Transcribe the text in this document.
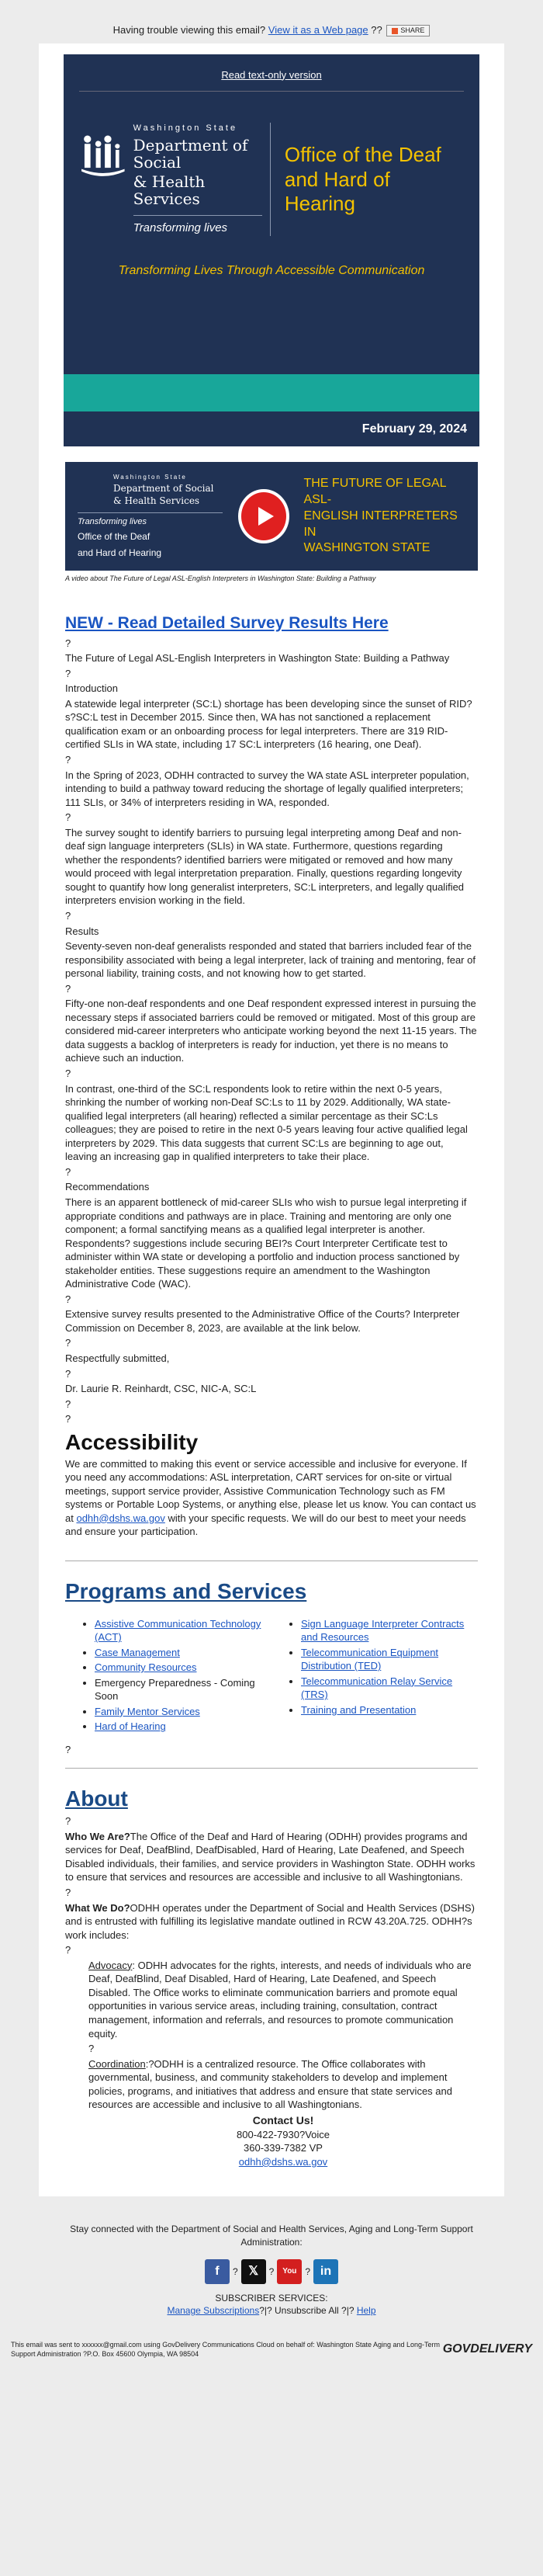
Having trouble viewing this email? View it as a Web page ??	SHARE
Read text-only version
Washington State
Department of Social
& Health Services
Transforming lives
Office of the Deaf
and Hard of Hearing
Transforming Lives Through Accessible Communication
February 29, 2024
Washington State
Department of Social
& Health Services
Transforming lives
Office of the Deaf
and Hard of Hearing
THE FUTURE OF LEGAL ASL-
ENGLISH INTERPRETERS IN
WASHINGTON STATE
A video about The Future of Legal ASL-English Interpreters in Washington State: Building a Pathway
NEW - Read Detailed Survey Results Here

?

The Future of Legal ASL-English Interpreters in Washington State: Building a Pathway

?

Introduction

A statewide legal interpreter (SC:L) shortage has been developing since the sunset of RID?s?SC:L test in December 2015. Since then, WA has not sanctioned a replacement qualification exam or an onboarding process for legal interpreters. There are 319 RID-certified SLIs in WA state, including 17 SC:L interpreters (16 hearing, one Deaf).

?

In the Spring of 2023, ODHH contracted to survey the WA state ASL interpreter population, intending to build a pathway toward reducing the shortage of legally qualified interpreters; 111 SLIs, or 34% of interpreters residing in WA, responded.

?

The survey sought to identify barriers to pursuing legal interpreting among Deaf and non-deaf sign language interpreters (SLIs) in WA state. Furthermore, questions regarding whether the respondents? identified barriers were mitigated or removed and how many would proceed with legal interpretation preparation. Finally, questions regarding longevity sought to quantify how long generalist interpreters, SC:L interpreters, and legally qualified interpreters envision working in the field.

?

Results

Seventy-seven non-deaf generalists responded and stated that barriers included fear of the responsibility associated with being a legal interpreter, lack of training and mentoring, fear of personal liability, training costs, and not knowing how to get started.

?

Fifty-one non-deaf respondents and one Deaf respondent expressed interest in pursuing the necessary steps if associated barriers could be removed or mitigated. Most of this group are considered mid-career interpreters who anticipate working beyond the next 11-15 years. The data suggests a backlog of interpreters is ready for induction, yet there is no means to achieve such an induction.

?

In contrast, one-third of the SC:L respondents look to retire within the next 0-5 years, shrinking the number of working non-Deaf SC:Ls to 11 by 2029. Additionally, WA state-qualified legal interpreters (all hearing) reflected a similar percentage as their SC:Ls colleagues; they are poised to retire in the next 0-5 years leaving four active qualified legal interpreters by 2029. This data suggests that current SC:Ls are beginning to age out, leaving an increasing gap in qualified interpreters to take their place.

?

Recommendations

There is an apparent bottleneck of mid-career SLIs who wish to pursue legal interpreting if appropriate conditions and pathways are in place. Training and mentoring are only one component; a formal sanctifying means as a qualified legal interpreter is another. Respondents? suggestions include securing BEI?s Court Interpreter Certificate test to administer within WA state or developing a portfolio and induction process sanctioned by stakeholder entities. These suggestions require an amendment to the Washington Administrative Code (WAC).

?

Extensive survey results presented to the Administrative Office of the Courts? Interpreter Commission on December 8, 2023, are available at the link below.

?

Respectfully submitted,

?

Dr. Laurie R. Reinhardt, CSC, NIC-A, SC:L

?

?

Accessibility

We are committed to making this event or service accessible and inclusive for everyone. If you need any accommodations: ASL interpretation, CART services for on-site or virtual meetings, support service provider, Assistive Communication Technology such as FM systems or Portable Loop Systems, or anything else, please let us know. You can contact us at odhh@dshs.wa.gov with your specific requests. We will do our best to meet your needs and ensure your participation.

Programs and Services
• Assistive Communication Technology (ACT)
• Case Management
• Community Resources
• Emergency Preparedness - Coming Soon
• Family Mentor Services
• Hard of Hearing
• Sign Language Interpreter Contracts and Resources
• Telecommunication Equipment Distribution (TED)
• Telecommunication Relay Service (TRS)
• Training and Presentation
?
About
?

Who We Are?The Office of the Deaf and Hard of Hearing (ODHH) provides programs and services for Deaf, DeafBlind, DeafDisabled, Hard of Hearing, Late Deafened, and Speech Disabled individuals, their families, and service providers in Washington State. ODHH works to ensure that services and resources are accessible and inclusive to all Washingtonians.

?

What We Do?ODHH operates under the Department of Social and Health Services (DSHS) and is entrusted with fulfilling its legislative mandate outlined in RCW 43.20A.725. ODHH?s work includes:

?

Advocacy: ODHH advocates for the rights, interests, and needs of individuals who are Deaf, DeafBlind, Deaf Disabled, Hard of Hearing, Late Deafened, and Speech Disabled. The Office works to eliminate communication barriers and promote equal opportunities in various service areas, including training, consultation, contract management, information and referrals, and resources to promote communication equity.

?

Coordination:?ODHH is a centralized resource. The Office collaborates with governmental, business, and community stakeholders to develop and implement policies, programs, and initiatives that address and ensure that state services and resources are accessible and inclusive to all Washingtonians.

Contact Us!
800-422-7930?Voice
360-339-7382 VP
odhh@dshs.wa.gov
Stay connected with the Department of Social and Health Services, Aging and Long-Term Support Administration:
f	? 𝕏	?	You ? in
SUBSCRIBER SERVICES:
Manage Subscriptions?|? Unsubscribe All ?|? Help
This email was sent to xxxxxx@gmail.com using GovDelivery Communications Cloud on behalf of: Washington State Aging and Long-Term Support Administration ?P.O. Box 45600 Olympia, WA 98504	GOVDELIVERY
